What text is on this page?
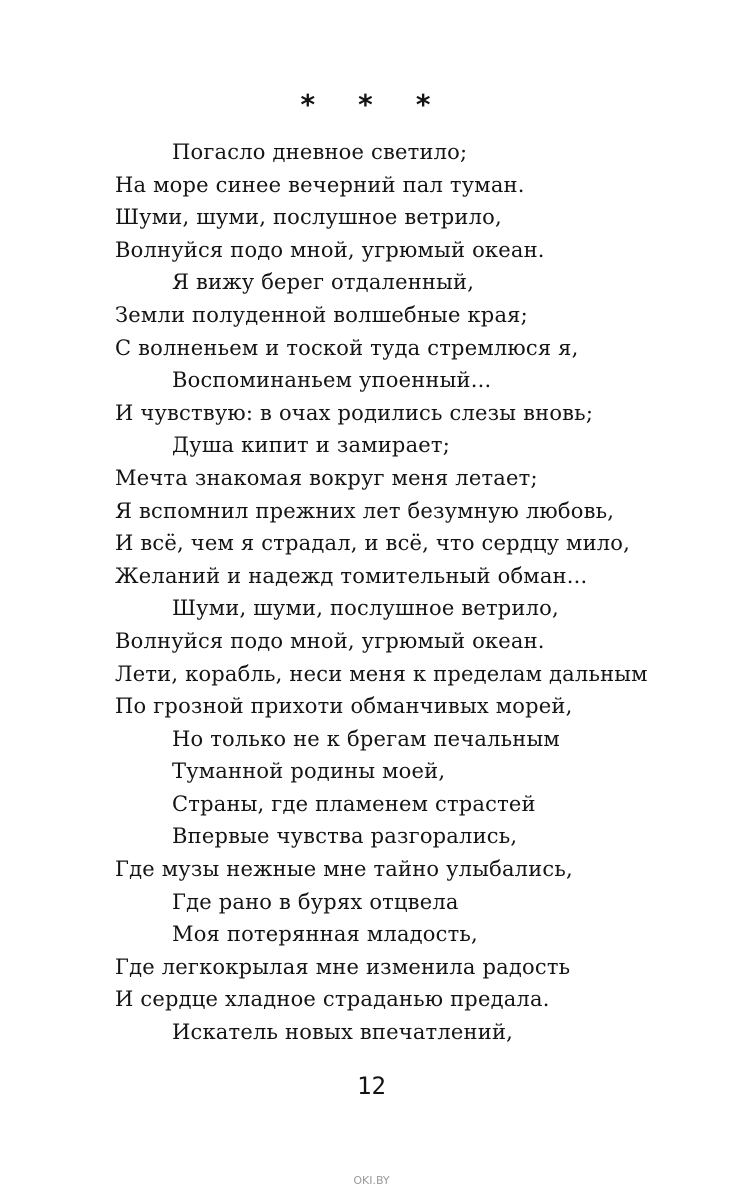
* * *
Погасло дневное светило;
На море синее вечерний пал туман.
Шуми, шуми, послушное ветрило,
Волнуйся подо мной, угрюмый океан.
Я вижу берег отдаленный,
Земли полуденной волшебные края;
С волненьем и тоской туда стремлюся я,
Воспоминаньем упоенный...
И чувствую: в очах родились слезы вновь;
Душа кипит и замирает;
Мечта знакомая вокруг меня летает;
Я вспомнил прежних лет безумную любовь,
И всё, чем я страдал, и всё, что сердцу мило,
Желаний и надежд томительный обман...
Шуми, шуми, послушное ветрило,
Волнуйся подо мной, угрюмый океан.
Лети, корабль, неси меня к пределам дальным
По грозной прихоти обманчивых морей,
Но только не к брегам печальным
Туманной родины моей,
Страны, где пламенем страстей
Впервые чувства разгорались,
Где музы нежные мне тайно улыбались,
Где рано в бурях отцвела
Моя потерянная младость,
Где легкокрылая мне изменила радость
И сердце хладное страданью предала.
Искатель новых впечатлений,
12
OKI.BY
